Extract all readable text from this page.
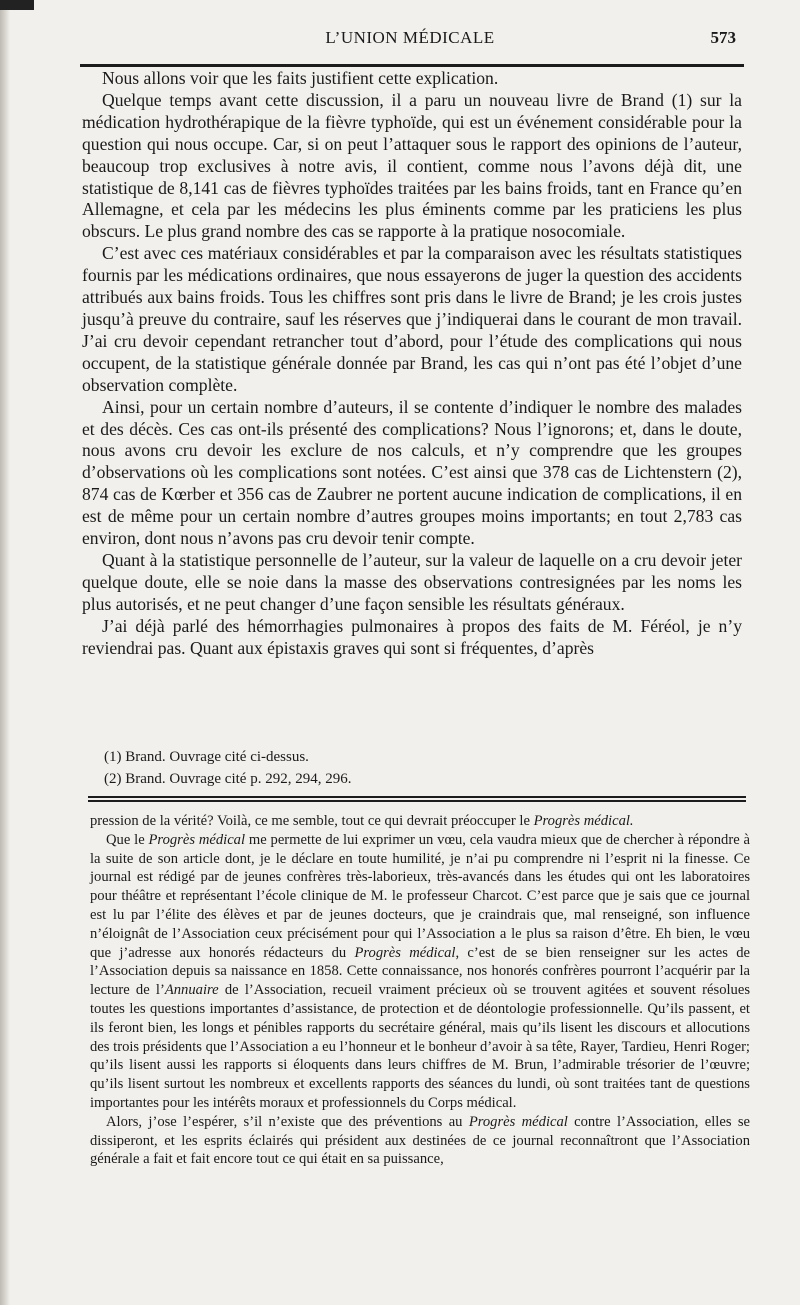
L’UNION MÉDICALE	573

Nous allons voir que les faits justifient cette explication.

Quelque temps avant cette discussion, il a paru un nouveau livre de Brand (1) sur la médication hydrothérapique de la fièvre typhoïde, qui est un événement considérable pour la question qui nous occupe. Car, si on peut l’attaquer sous le rapport des opinions de l’auteur, beaucoup trop exclusives à notre avis, il contient, comme nous l’avons déjà dit, une statistique de 8,141 cas de fièvres typhoïdes traitées par les bains froids, tant en France qu’en Allemagne, et cela par les médecins les plus éminents comme par les praticiens les plus obscurs. Le plus grand nombre des cas se rapporte à la pratique nosocomiale.

C’est avec ces matériaux considérables et par la comparaison avec les résultats statistiques fournis par les médications ordinaires, que nous essayerons de juger la question des accidents attribués aux bains froids. Tous les chiffres sont pris dans le livre de Brand; je les crois justes jusqu’à preuve du contraire, sauf les réserves que j’indiquerai dans le courant de mon travail. J’ai cru devoir cependant retrancher tout d’abord, pour l’étude des complications qui nous occupent, de la statistique générale donnée par Brand, les cas qui n’ont pas été l’objet d’une observation complète.

Ainsi, pour un certain nombre d’auteurs, il se contente d’indiquer le nombre des malades et des décès. Ces cas ont-ils présenté des complications? Nous l’ignorons; et, dans le doute, nous avons cru devoir les exclure de nos calculs, et n’y comprendre que les groupes d’observations où les complications sont notées. C’est ainsi que 378 cas de Lichtenstern (2), 874 cas de Kœrber et 356 cas de Zaubrer ne portent aucune indication de complications, il en est de même pour un certain nombre d’autres groupes moins importants; en tout 2,783 cas environ, dont nous n’avons pas cru devoir tenir compte.

Quant à la statistique personnelle de l’auteur, sur la valeur de laquelle on a cru devoir jeter quelque doute, elle se noie dans la masse des observations contresignées par les noms les plus autorisés, et ne peut changer d’une façon sensible les résultats généraux.

J’ai déjà parlé des hémorrhagies pulmonaires à propos des faits de M. Féréol, je n’y reviendrai pas. Quant aux épistaxis graves qui sont si fréquentes, d’après

(1) Brand. Ouvrage cité ci-dessus.

(2) Brand. Ouvrage cité p. 292, 294, 296.

pression de la vérité? Voilà, ce me semble, tout ce qui devrait préoccuper le Progrès médical.

Que le Progrès médical me permette de lui exprimer un vœu, cela vaudra mieux que de chercher à répondre à la suite de son article dont, je le déclare en toute humilité, je n’ai pu comprendre ni l’esprit ni la finesse. Ce journal est rédigé par de jeunes confrères très-laborieux, très-avancés dans les études qui ont les laboratoires pour théâtre et représentant l’école clinique de M. le professeur Charcot. C’est parce que je sais que ce journal est lu par l’élite des élèves et par de jeunes docteurs, que je craindrais que, mal renseigné, son influence n’éloignât de l’Association ceux précisément pour qui l’Association a le plus sa raison d’être. Eh bien, le vœu que j’adresse aux honorés rédacteurs du Progrès médical, c’est de se bien renseigner sur les actes de l’Association depuis sa naissance en 1858. Cette connaissance, nos honorés confrères pourront l’acquérir par la lecture de l’Annuaire de l’Association, recueil vraiment précieux où se trouvent agitées et souvent résolues toutes les questions importantes d’assistance, de protection et de déontologie professionnelle. Qu’ils passent, et ils feront bien, les longs et pénibles rapports du secrétaire général, mais qu’ils lisent les discours et allocutions des trois présidents que l’Association a eu l’honneur et le bonheur d’avoir à sa tête, Rayer, Tardieu, Henri Roger; qu’ils lisent aussi les rapports si éloquents dans leurs chiffres de M. Brun, l’admirable trésorier de l’œuvre; qu’ils lisent surtout les nombreux et excellents rapports des séances du lundi, où sont traitées tant de questions importantes pour les intérêts moraux et professionnels du Corps médical.

Alors, j’ose l’espérer, s’il n’existe que des préventions au Progrès médical contre l’Association, elles se dissiperont, et les esprits éclairés qui président aux destinées de ce journal reconnaîtront que l’Association générale a fait et fait encore tout ce qui était en sa puissance,
